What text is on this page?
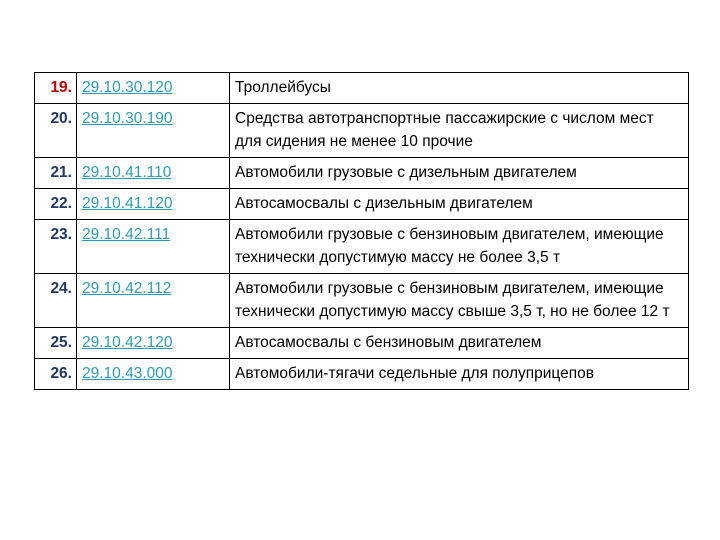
19.	29.10.30.120	Троллейбусы
20.	29.10.30.190	Средства автотранспортные пассажирские с числом мест для сидения не менее 10 прочие
21.	29.10.41.110	Автомобили грузовые с дизельным двигателем
22.	29.10.41.120	Автосамосвалы с дизельным двигателем
23.	29.10.42.111	Автомобили грузовые с бензиновым двигателем, имеющие технически допустимую массу не более 3,5 т
24.	29.10.42.112	Автомобили грузовые с бензиновым двигателем, имеющие технически допустимую массу свыше 3,5 т, но не более 12 т
25.	29.10.42.120	Автосамосвалы с бензиновым двигателем
26.	29.10.43.000	Автомобили-тягачи седельные для полуприцепов
